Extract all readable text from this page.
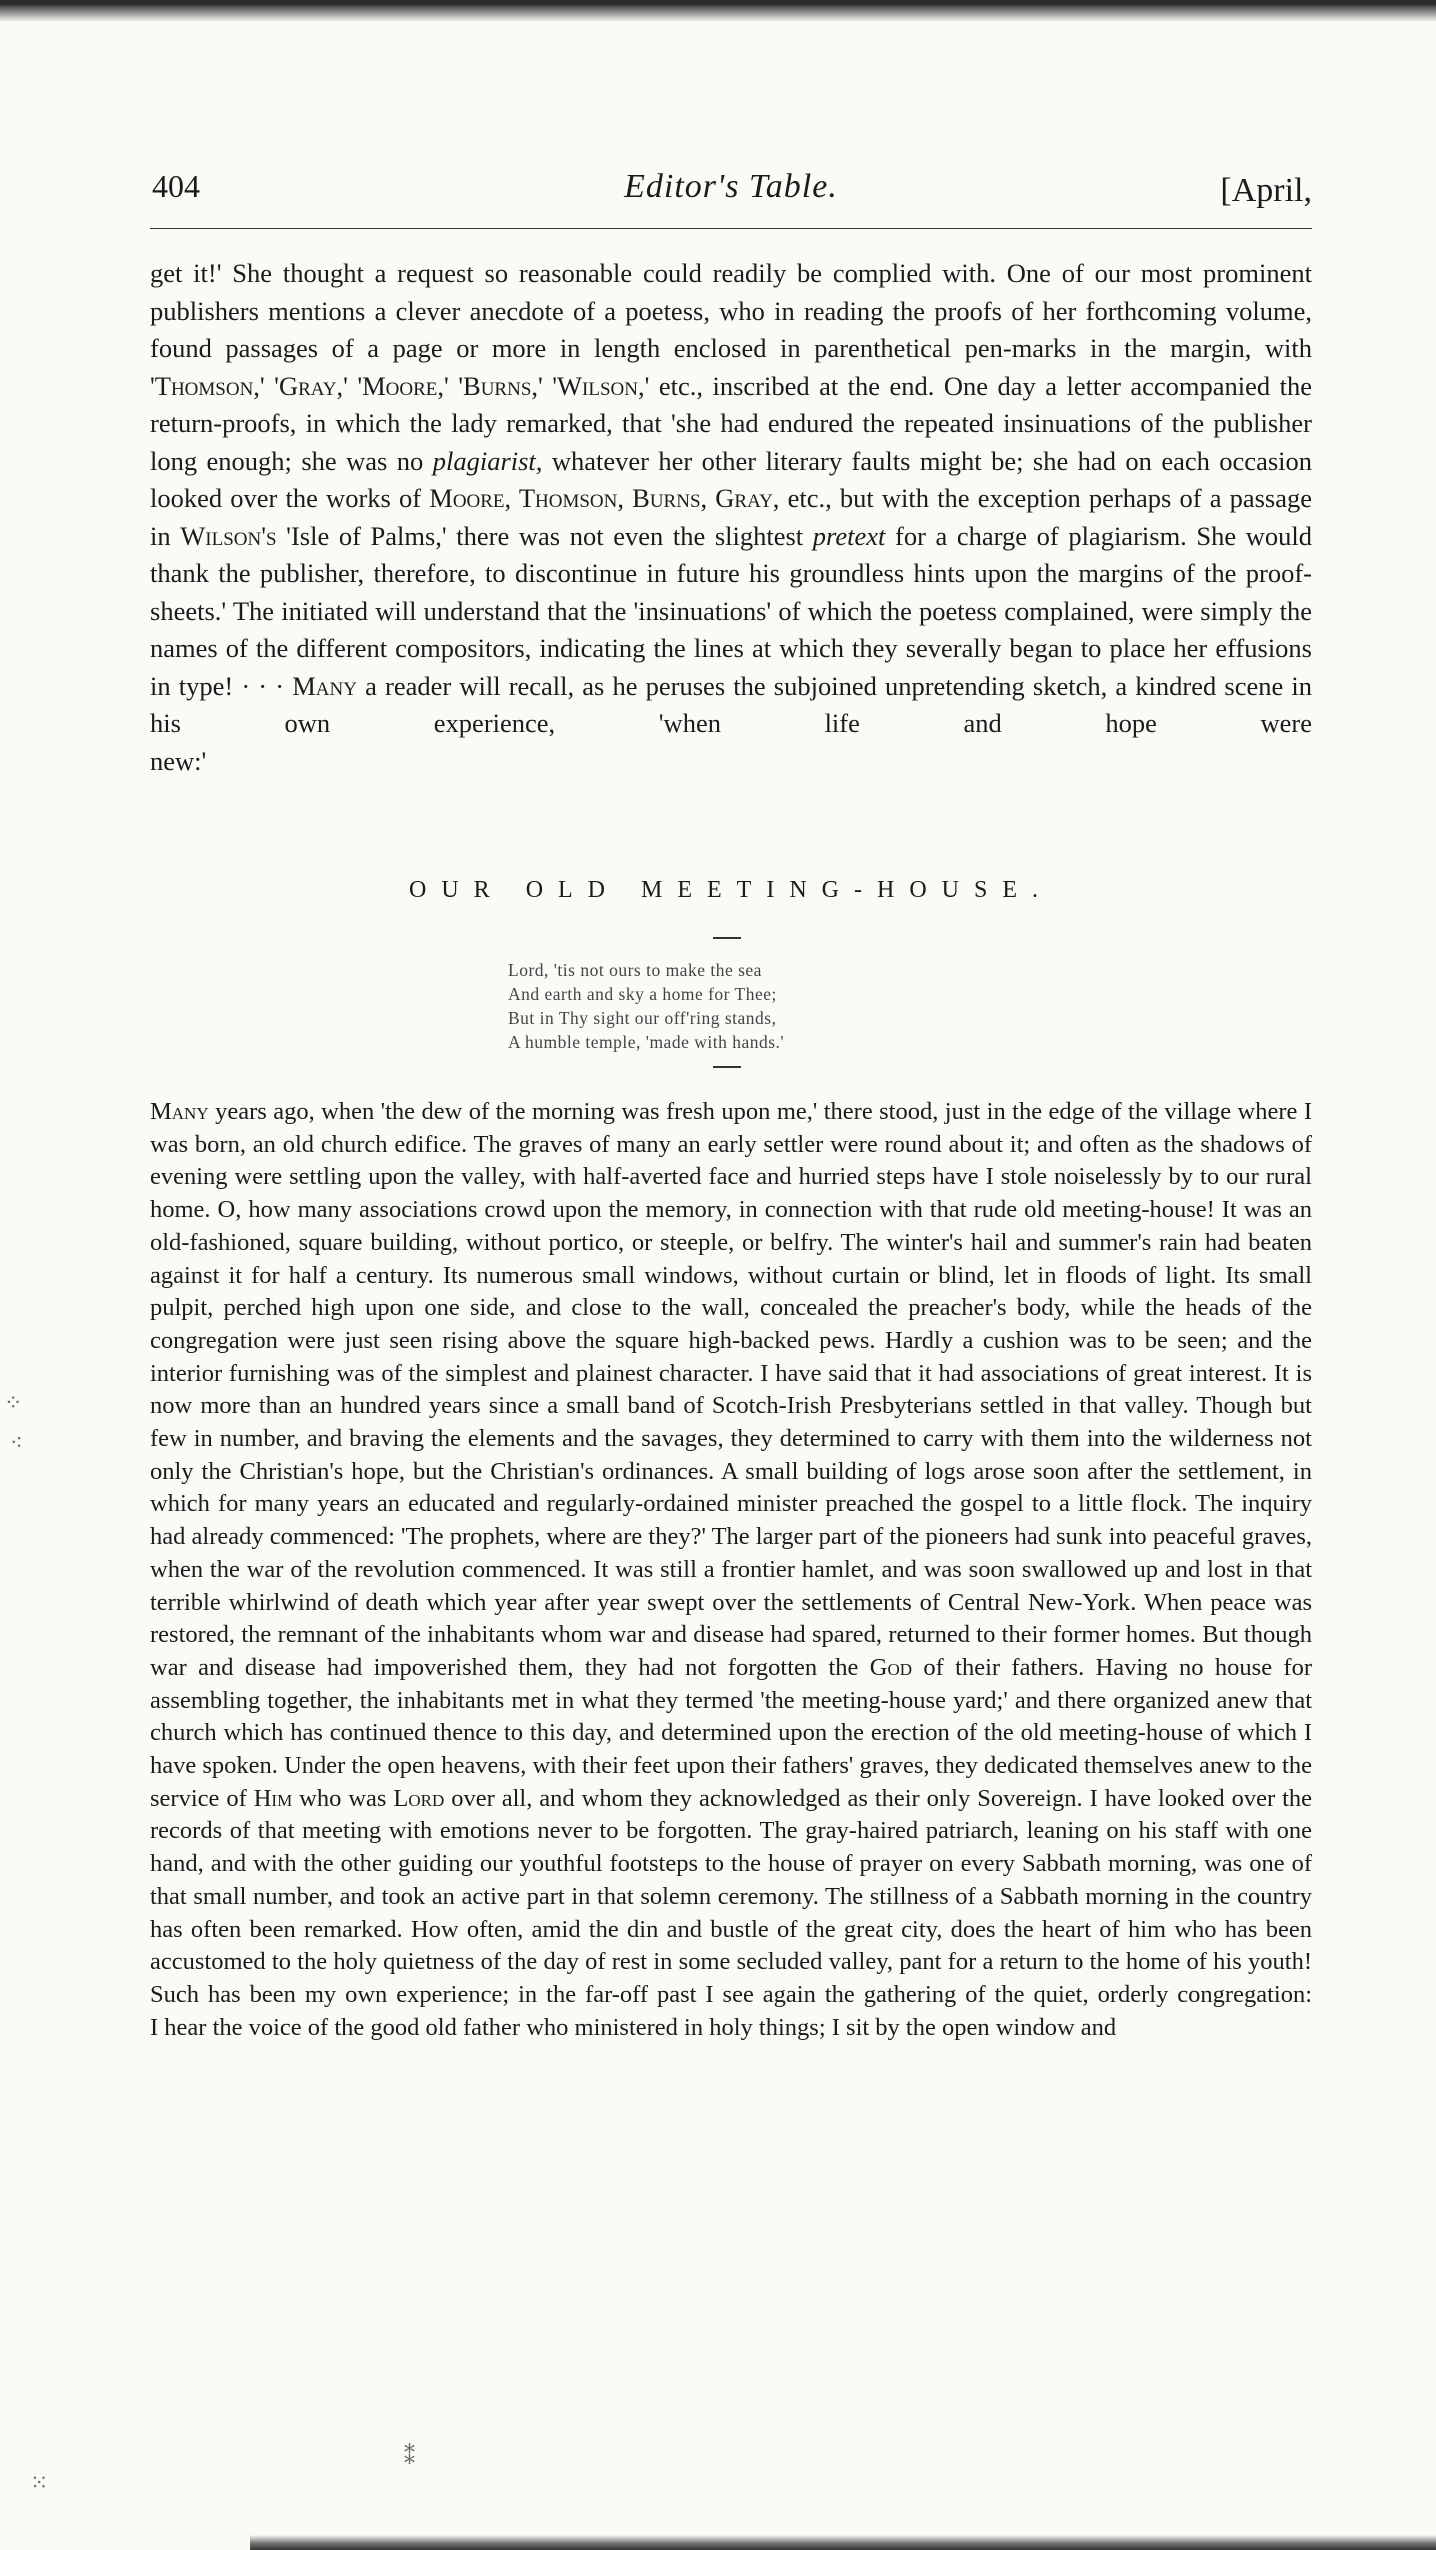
404	Editor's Table.	[April,

get it!' She thought a request so reasonable could readily be complied with. One of our most prominent publishers mentions a clever anecdote of a poetess, who in reading the proofs of her forthcoming volume, found passages of a page or more in length enclosed in parenthetical pen-marks in the margin, with 'Thomson,' 'Gray,' 'Moore,' 'Burns,' 'Wilson,' etc., inscribed at the end. One day a letter accompanied the return-proofs, in which the lady remarked, that 'she had endured the repeated insinuations of the publisher long enough; she was no plagiarist, whatever her other literary faults might be; she had on each occasion looked over the works of Moore, Thomson, Burns, Gray, etc., but with the exception perhaps of a passage in Wilson's 'Isle of Palms,' there was not even the slightest pretext for a charge of plagiarism. She would thank the publisher, therefore, to discontinue in future his groundless hints upon the margins of the proof-sheets.' The initiated will understand that the 'insinuations' of which the poetess complained, were simply the names of the different compositors, indicating the lines at which they severally began to place her effusions in type! · · · Many a reader will recall, as he peruses the subjoined unpretending sketch, a kindred scene in his own experience, 'when life and hope were
new:'

OUR OLD MEETING-HOUSE.
Lord, 'tis not ours to make the sea
And earth and sky a home for Thee;
But in Thy sight our off'ring stands,
A humble temple, 'made with hands.'

Many years ago, when 'the dew of the morning was fresh upon me,' there stood, just in the edge of the village where I was born, an old church edifice. The graves of many an early settler were round about it; and often as the shadows of evening were settling upon the valley, with half-averted face and hurried steps have I stole noiselessly by to our rural home. O, how many associations crowd upon the memory, in connection with that rude old meeting-house! It was an old-fashioned, square building, without portico, or steeple, or belfry. The winter's hail and summer's rain had beaten against it for half a century. Its numerous small windows, without curtain or blind, let in floods of light. Its small pulpit, perched high upon one side, and close to the wall, concealed the preacher's body, while the heads of the congregation were just seen rising above the square high-backed pews. Hardly a cushion was to be seen; and the interior furnishing was of the simplest and plainest character. I have said that it had associations of great interest. It is now more than an hundred years since a small band of Scotch-Irish Presbyterians settled in that valley. Though but few in number, and braving the elements and the savages, they determined to carry with them into the wilderness not only the Christian's hope, but the Christian's ordinances. A small building of logs arose soon after the settlement, in which for many years an educated and regularly-ordained minister preached the gospel to a little flock. The inquiry had already commenced: 'The prophets, where are they?' The larger part of the pioneers had sunk into peaceful graves, when the war of the revolution commenced. It was still a frontier hamlet, and was soon swallowed up and lost in that terrible whirlwind of death which year after year swept over the settlements of Central New-York. When peace was restored, the remnant of the inhabitants whom war and disease had spared, returned to their former homes. But though war and disease had impoverished them, they had not forgotten the God of their fathers. Having no house for assembling together, the inhabitants met in what they termed 'the meeting-house yard;' and there organized anew that church which has continued thence to this day, and determined upon the erection of the old meeting-house of which I have spoken. Under the open heavens, with their feet upon their fathers' graves, they dedicated themselves anew to the service of Him who was Lord over all, and whom they acknowledged as their only Sovereign. I have looked over the records of that meeting with emotions never to be forgotten. The gray-haired patriarch, leaning on his staff with one hand, and with the other guiding our youthful footsteps to the house of prayer on every Sabbath morning, was one of that small number, and took an active part in that solemn ceremony. The stillness of a Sabbath morning in the country has often been remarked. How often, amid the din and bustle of the great city, does the heart of him who has been accustomed to the holy quietness of the day of rest in some secluded valley, pant for a return to the home of his youth! Such has been my own experience; in the far-off past I see again the gathering of the quiet, orderly congregation:
I hear the voice of the good old father who ministered in holy things; I sit by the open window and

⁘
⁖
⁙
⁑
